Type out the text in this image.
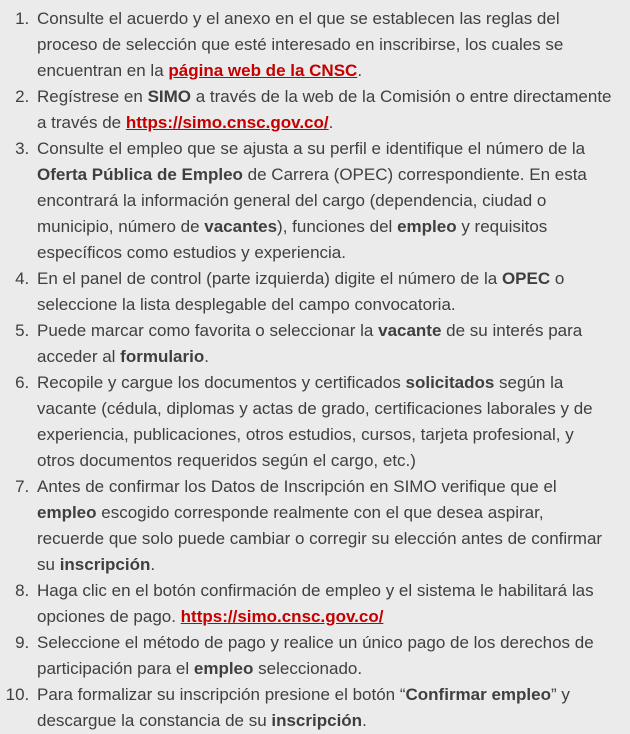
1. Consulte el acuerdo y el anexo en el que se establecen las reglas del proceso de selección que esté interesado en inscribirse, los cuales se encuentran en la página web de la CNSC.
2. Regístrese en SIMO a través de la web de la Comisión o entre directamente a través de https://simo.cnsc.gov.co/.
3. Consulte el empleo que se ajusta a su perfil e identifique el número de la Oferta Pública de Empleo de Carrera (OPEC) correspondiente. En esta encontrará la información general del cargo (dependencia, ciudad o municipio, número de vacantes), funciones del empleo y requisitos específicos como estudios y experiencia.
4. En el panel de control (parte izquierda) digite el número de la OPEC o seleccione la lista desplegable del campo convocatoria.
5. Puede marcar como favorita o seleccionar la vacante de su interés para acceder al formulario.
6. Recopile y cargue los documentos y certificados solicitados según la vacante (cédula, diplomas y actas de grado, certificaciones laborales y de experiencia, publicaciones, otros estudios, cursos, tarjeta profesional, y otros documentos requeridos según el cargo, etc.)
7. Antes de confirmar los Datos de Inscripción en SIMO verifique que el empleo escogido corresponde realmente con el que desea aspirar, recuerde que solo puede cambiar o corregir su elección antes de confirmar su inscripción.
8. Haga clic en el botón confirmación de empleo y el sistema le habilitará las opciones de pago. https://simo.cnsc.gov.co/
9. Seleccione el método de pago y realice un único pago de los derechos de participación para el empleo seleccionado.
10. Para formalizar su inscripción presione el botón “Confirmar empleo” y descargue la constancia de su inscripción.
